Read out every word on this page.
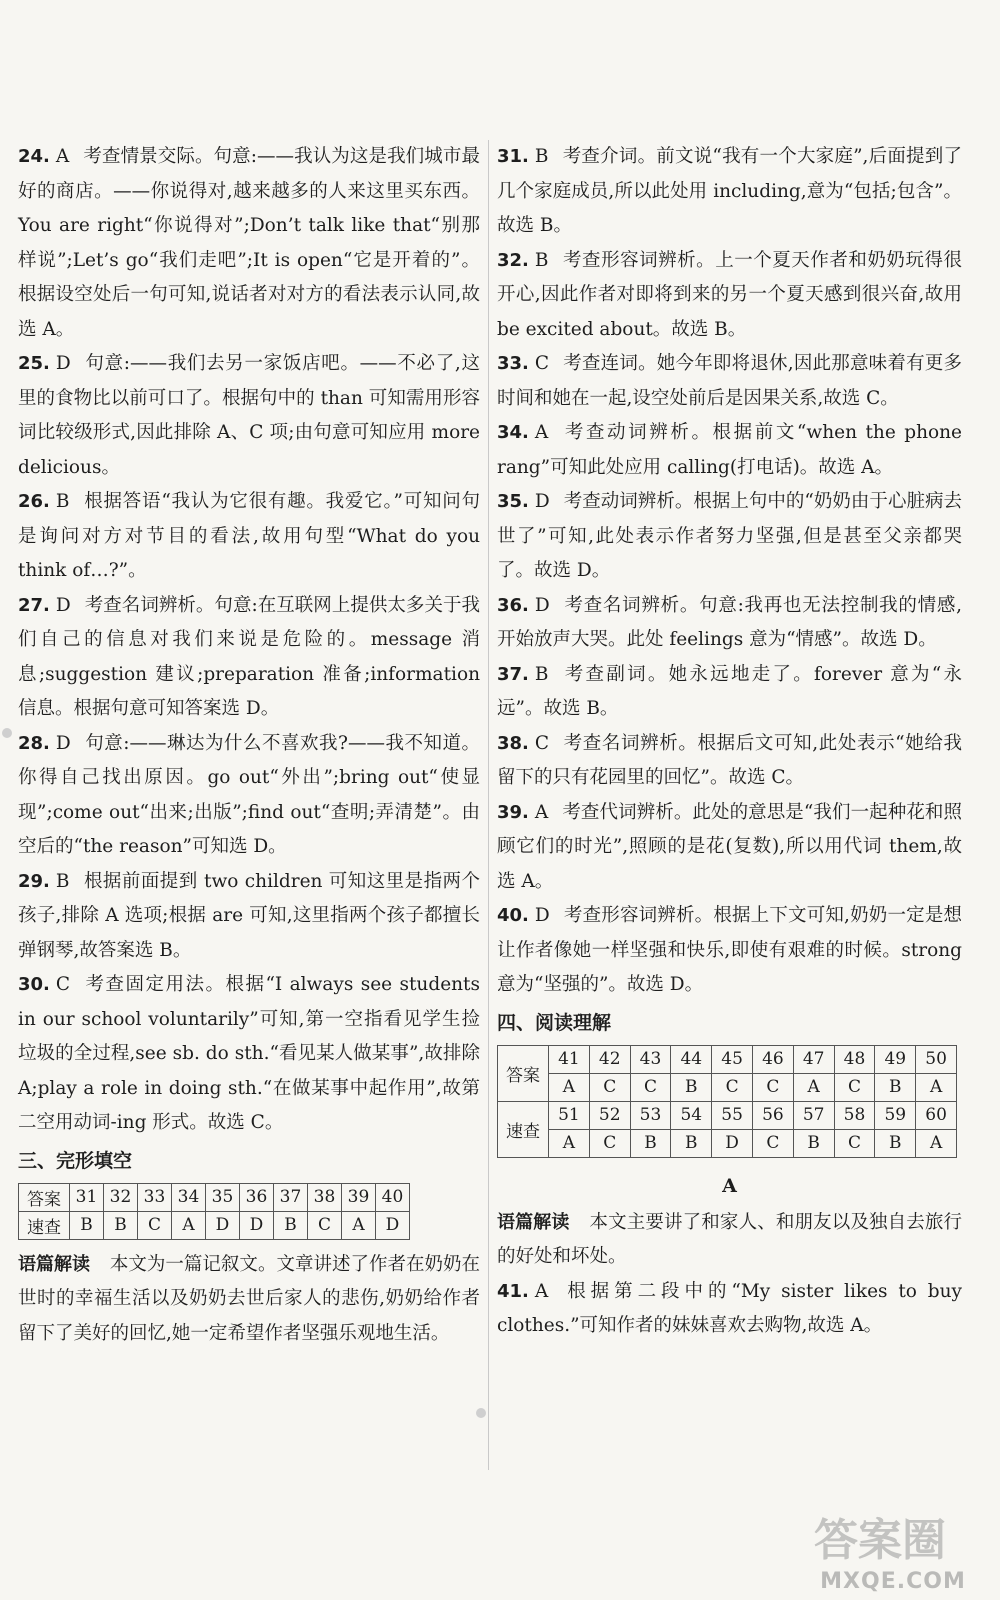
24. A 考查情景交际。句意:——我认为这是我们城市最好的商店。——你说得对,越来越多的人来这里买东西。You are right“你说得对”;Don’t talk like that“别那样说”;Let’s go“我们走吧”;It is open“它是开着的”。根据设空处后一句可知,说话者对对方的看法表示认同,故选 A。
25. D 句意:——我们去另一家饭店吧。——不必了,这里的食物比以前可口了。根据句中的 than 可知需用形容词比较级形式,因此排除 A、C 项;由句意可知应用 more delicious。
26. B 根据答语“我认为它很有趣。我爱它。”可知问句是询问对方对节目的看法,故用句型“What do you think of…?”。
27. D 考查名词辨析。句意:在互联网上提供太多关于我们自己的信息对我们来说是危险的。message 消息;suggestion 建议;preparation 准备;information 信息。根据句意可知答案选 D。
28. D 句意:——琳达为什么不喜欢我?——我不知道。你得自己找出原因。go out“外出”;bring out“使显现”;come out“出来;出版”;find out“查明;弄清楚”。由空后的“the reason”可知选 D。
29. B 根据前面提到 two children 可知这里是指两个孩子,排除 A 选项;根据 are 可知,这里指两个孩子都擅长弹钢琴,故答案选 B。
30. C 考查固定用法。根据“I always see students in our school voluntarily”可知,第一空指看见学生捡垃圾的全过程,see sb. do sth.“看见某人做某事”,故排除 A;play a role in doing sth.“在做某事中起作用”,故第二空用动词-ing 形式。故选 C。
三、完形填空
答案	31	32	33	34	35	36	37	38	39	40
速查	B	B	C	A	D	D	B	C	A	D
语篇解读 本文为一篇记叙文。文章讲述了作者在奶奶在世时的幸福生活以及奶奶去世后家人的悲伤,奶奶给作者留下了美好的回忆,她一定希望作者坚强乐观地生活。
31. B 考查介词。前文说“我有一个大家庭”,后面提到了几个家庭成员,所以此处用 including,意为“包括;包含”。故选 B。
32. B 考查形容词辨析。上一个夏天作者和奶奶玩得很开心,因此作者对即将到来的另一个夏天感到很兴奋,故用 be excited about。故选 B。
33. C 考查连词。她今年即将退休,因此那意味着有更多时间和她在一起,设空处前后是因果关系,故选 C。
34. A 考查动词辨析。根据前文“when the phone rang”可知此处应用 calling(打电话)。故选 A。
35. D 考查动词辨析。根据上句中的“奶奶由于心脏病去世了”可知,此处表示作者努力坚强,但是甚至父亲都哭了。故选 D。
36. D 考查名词辨析。句意:我再也无法控制我的情感,开始放声大哭。此处 feelings 意为“情感”。故选 D。
37. B 考查副词。她永远地走了。forever 意为“永远”。故选 B。
38. C 考查名词辨析。根据后文可知,此处表示“她给我留下的只有花园里的回忆”。故选 C。
39. A 考查代词辨析。此处的意思是“我们一起种花和照顾它们的时光”,照顾的是花(复数),所以用代词 them,故选 A。
40. D 考查形容词辨析。根据上下文可知,奶奶一定是想让作者像她一样坚强和快乐,即使有艰难的时候。strong 意为“坚强的”。故选 D。
四、阅读理解
答案	41	42	43	44	45	46	47	48	49	50
	A	C	C	B	C	C	A	C	B	A
速查	51	52	53	54	55	56	57	58	59	60
	A	C	B	B	D	C	B	C	B	A
A
语篇解读 本文主要讲了和家人、和朋友以及独自去旅行的好处和坏处。
41. A 根据第二段中的“My sister likes to buy clothes.”可知作者的妹妹喜欢去购物,故选 A。
答案圈
MXQE.COM
